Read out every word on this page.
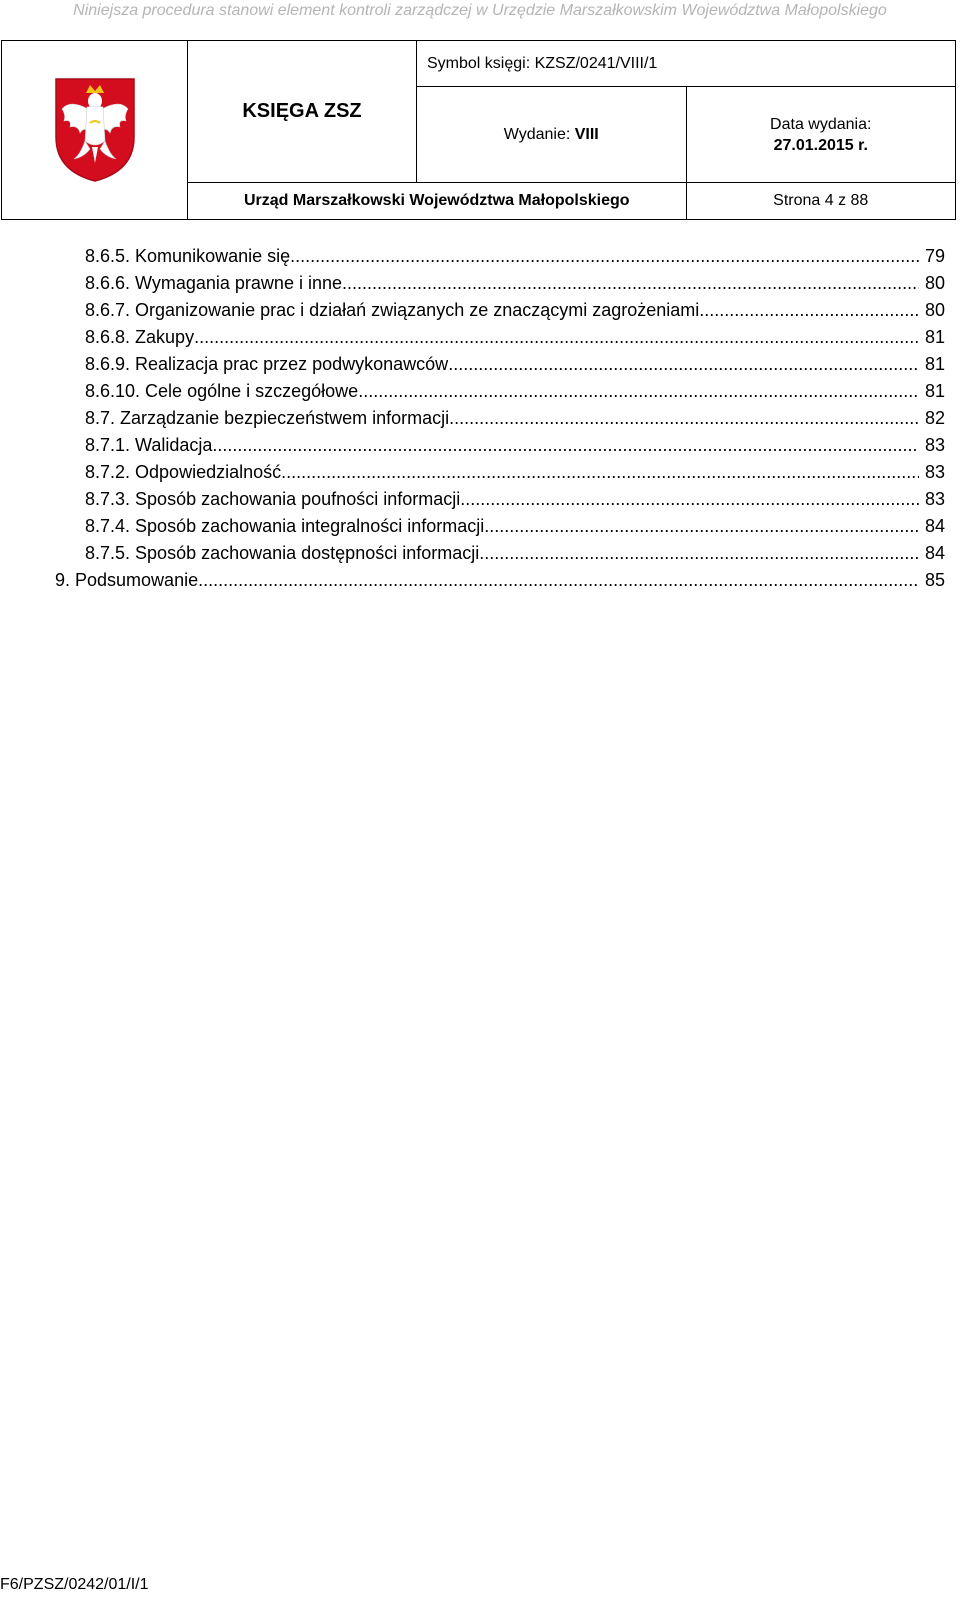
Niniejsza procedura stanowi element kontroli zarządczej w Urzędzie Marszałkowskim Województwa Małopolskiego
	KSIĘGA ZSZ	Symbol księgi: KZSZ/0241/VIII/1	
		Wydanie: VIII	Data wydania:
27.01.2015 r.
	Urząd Marszałkowski Województwa Małopolskiego		Strona 4 z 88
8.6.5. Komunikowanie się .....	79
8.6.6. Wymagania prawne i inne .....	80
8.6.7. Organizowanie prac i działań związanych ze znaczącymi zagrożeniami .....	80
8.6.8. Zakupy .....	81
8.6.9. Realizacja prac przez podwykonawców .....	81
8.6.10. Cele ogólne i szczegółowe .....	81
8.7. Zarządzanie bezpieczeństwem informacji .....	82
8.7.1. Walidacja .....	83
8.7.2. Odpowiedzialność .....	83
8.7.3. Sposób zachowania poufności informacji .....	83
8.7.4. Sposób zachowania integralności informacji .....	84
8.7.5. Sposób zachowania dostępności informacji .....	84
9. Podsumowanie .....	85
F6/PZSZ/0242/01/I/1
